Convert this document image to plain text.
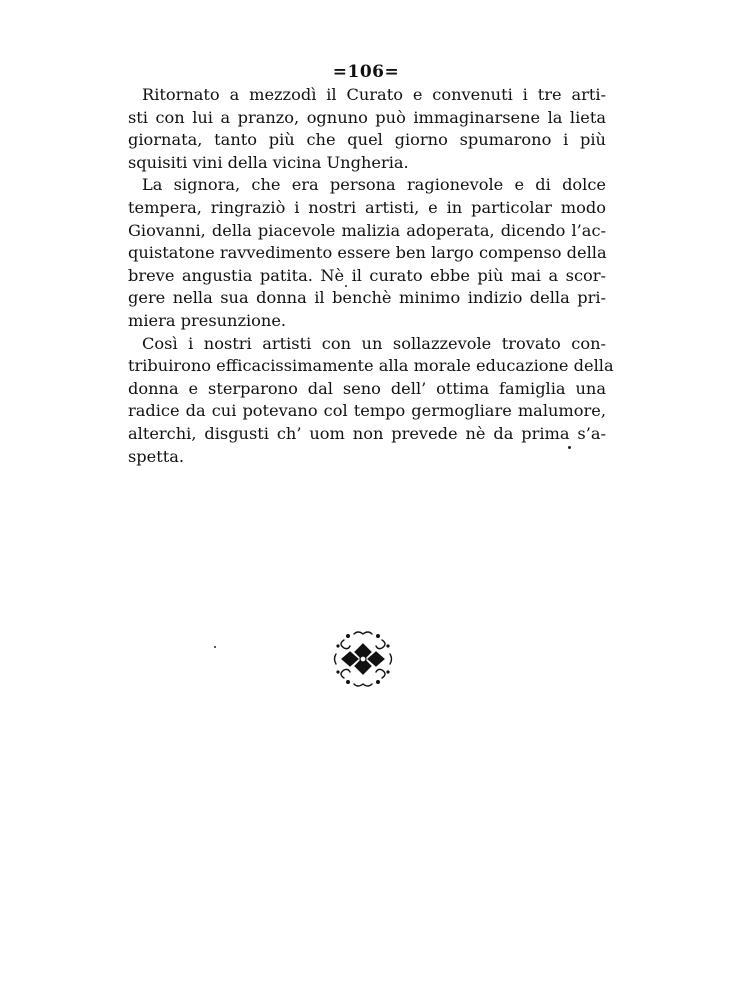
=106=
Ritornato a mezzodì il Curato e convenuti i tre arti-
sti con lui a pranzo, ognuno può immaginarsene la lieta
giornata, tanto più che quel giorno spumarono i più
squisiti vini della vicina Ungheria.
La signora, che era persona ragionevole e di dolce
tempera, ringraziò i nostri artisti, e in particolar modo
Giovanni, della piacevole malizia adoperata, dicendo l’ac-
quistatone ravvedimento essere ben largo compenso della
breve angustia patita. Nè il curato ebbe più mai a scor-
gere nella sua donna il benchè minimo indizio della pri-
miera presunzione.
Così i nostri artisti con un sollazzevole trovato con-
tribuirono efficacissimamente alla morale educazione della
donna e sterparono dal seno dell’ ottima famiglia una
radice da cui potevano col tempo germogliare malumore,
alterchi, disgusti ch’ uom non prevede nè da prima s’a-
spetta.
